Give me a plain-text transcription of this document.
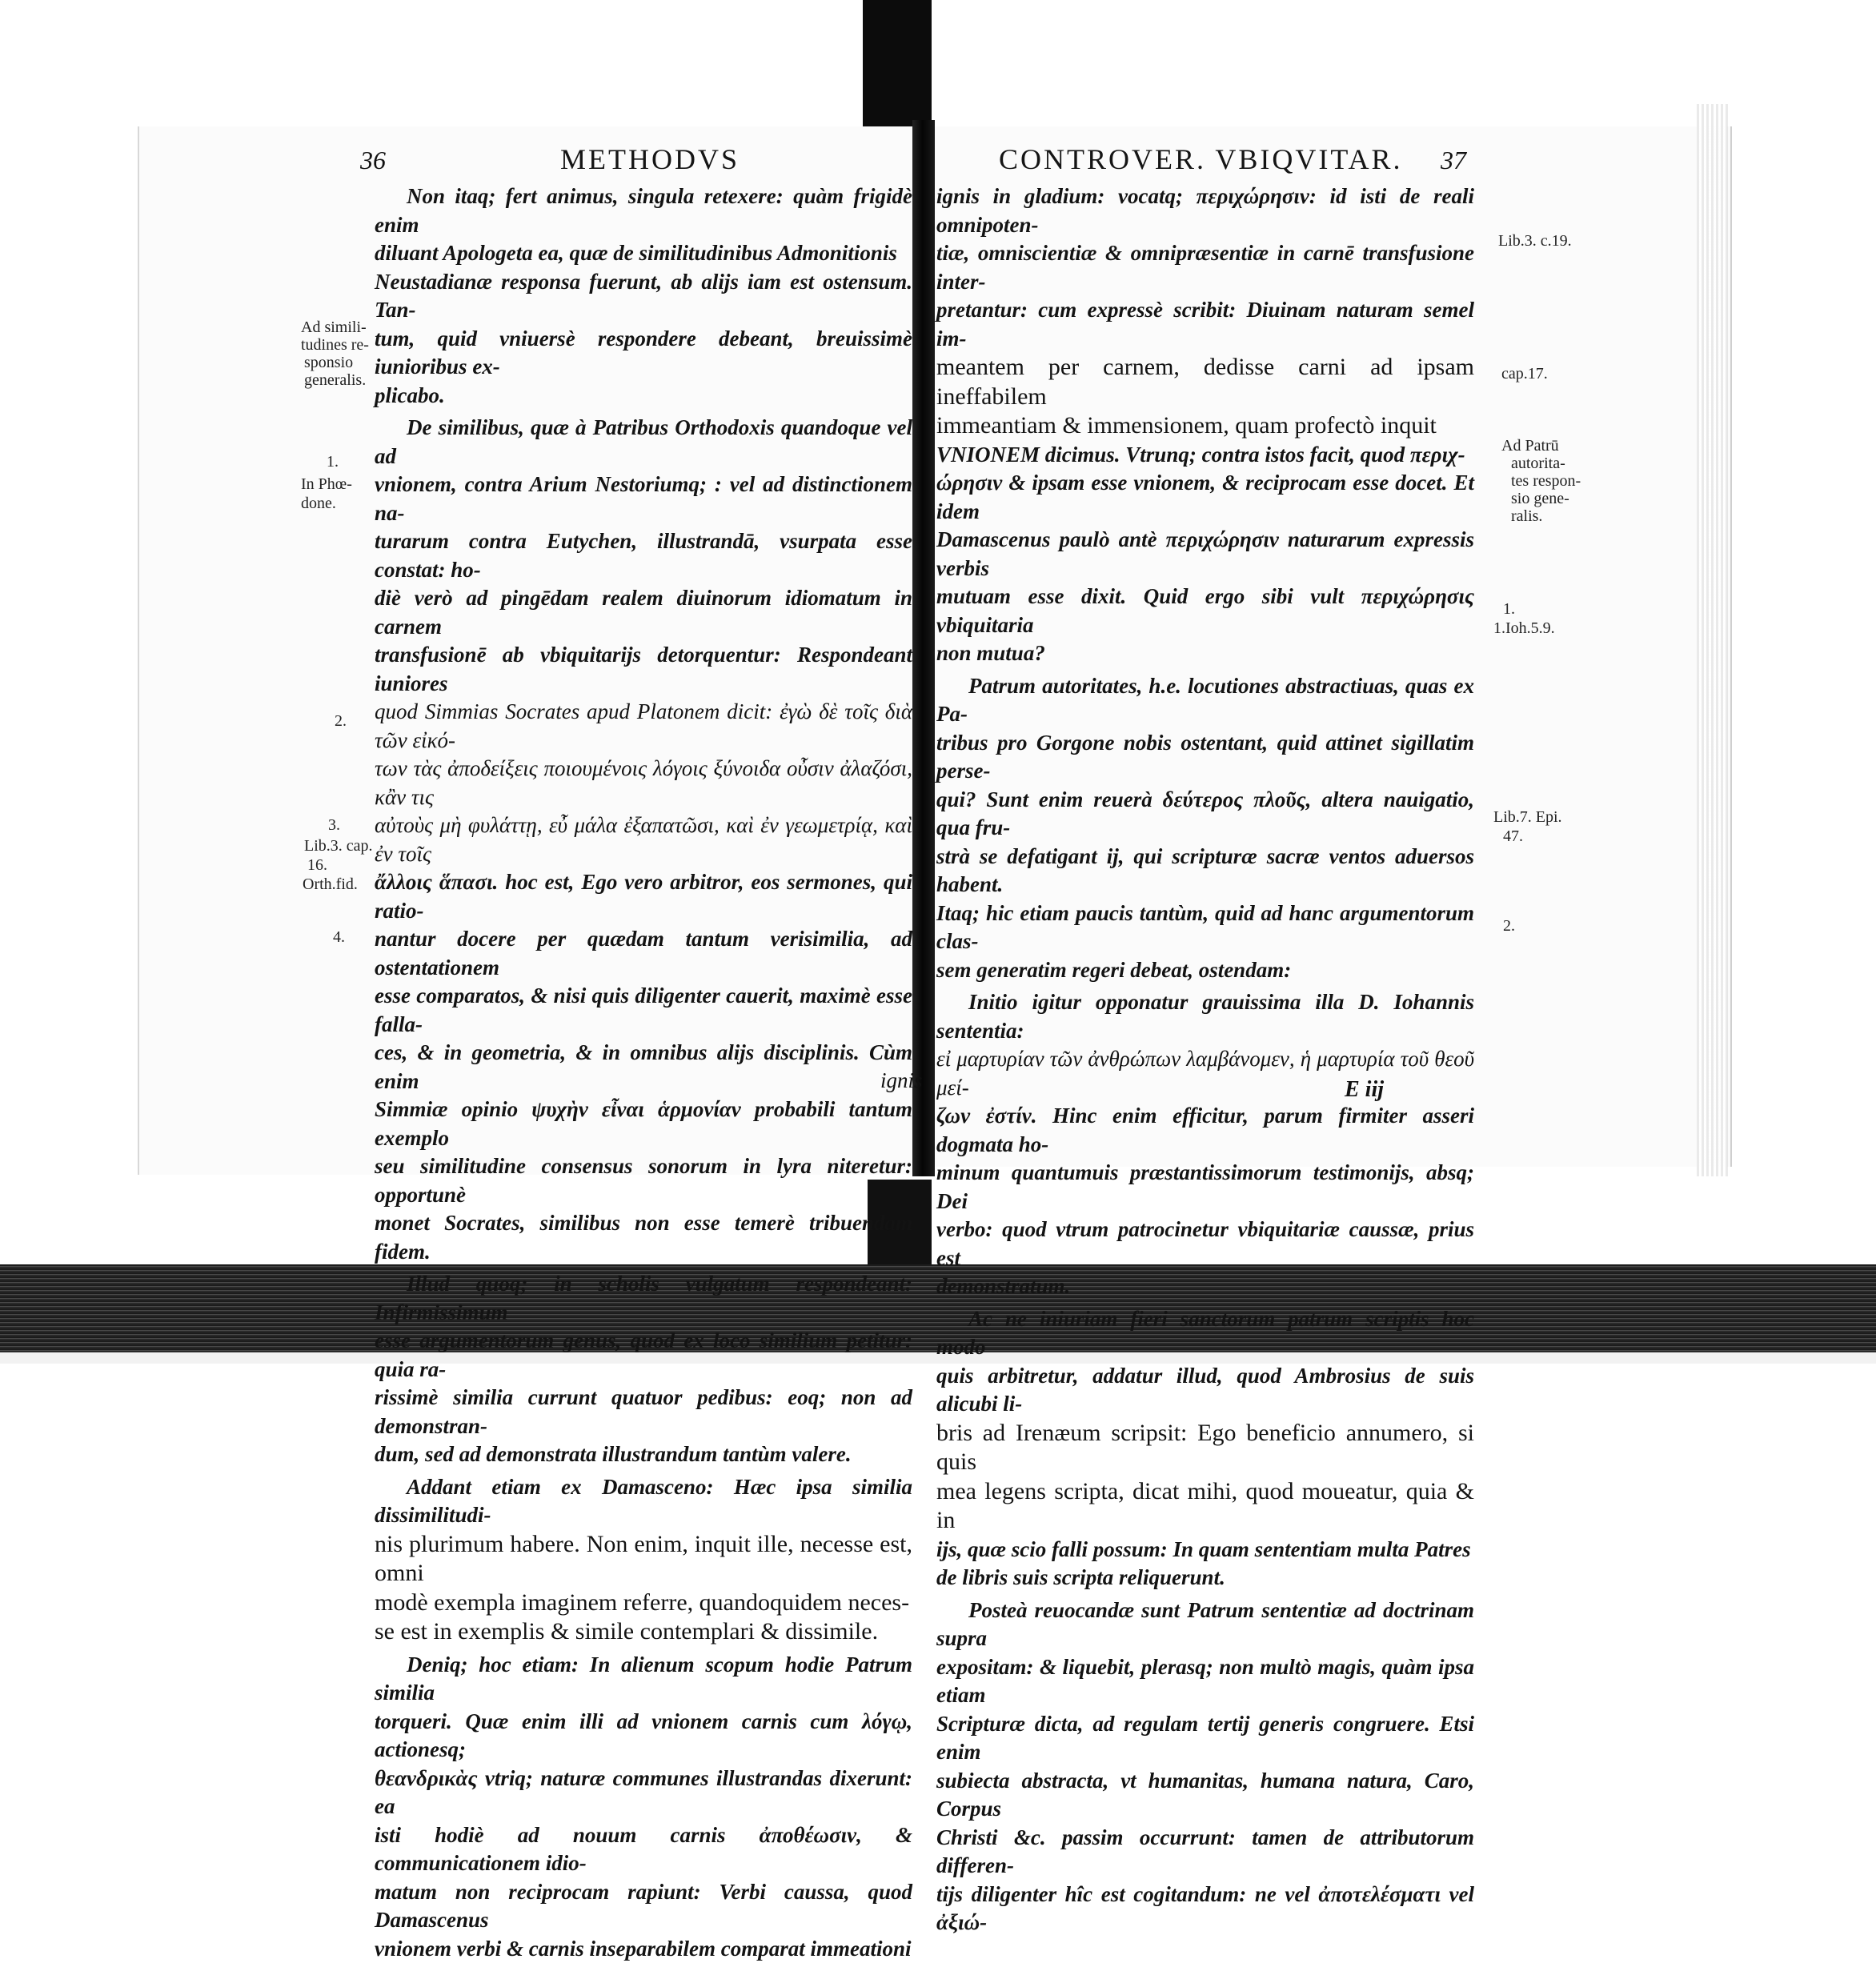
36	METHODVS

Non itaq; fert animus, singula retexere: quàm frigidè enim
diluant Apologeta ea, quæ de similitudinibus Admonitionis
Neustadianæ responsa fuerunt, ab alijs iam est ostensum. Tan-
tum, quid vniuersè respondere debeant, breuissimè iunioribus ex-
plicabo.

De similibus, quæ à Patribus Orthodoxis quandoque vel ad
vnionem, contra Arium Nestoriumq; : vel ad distinctionem na-
turarum contra Eutychen, illustrandā, vsurpata esse constat: ho-
diè verò ad pingēdam realem diuinorum idiomatum in carnem
transfusionē ab vbiquitarijs detorquentur: Respondeant iuniores
quod Simmias Socrates apud Platonem dicit: ἐγὼ δὲ τοῖς διὰ τῶν εἰκό-
των τὰς ἀποδείξεις ποιουμένοις λόγοις ξύνοιδα οὖσιν ἀλαζόσι, κἂν τις
αὐτοὺς μὴ φυλάττῃ, εὖ μάλα ἐξαπατῶσι, καὶ ἐν γεωμετρίᾳ, καὶ ἐν τοῖς
ἄλλοις ἅπασι. hoc est, Ego vero arbitror, eos sermones, qui ratio-
nantur docere per quædam tantum verisimilia, ad ostentationem
esse comparatos, & nisi quis diligenter cauerit, maximè esse falla-
ces, & in geometria, & in omnibus alijs disciplinis. Cùm enim
Simmiæ opinio ψυχὴν εἶναι ἁρμονίαν probabili tantum exemplo
seu similitudine consensus sonorum in lyra niteretur: opportunè
monet Socrates, similibus non esse temerè tribuendam fidem.

Illud quoq; in scholis vulgatum respondeant: Infirmissimum
esse argumentorum genus, quod ex loco similium petitur: quia ra-
rissimè similia currunt quatuor pedibus: eoq; non ad demonstran-
dum, sed ad demonstrata illustrandum tantùm valere.

Addant etiam ex Damasceno: Hæc ipsa similia dissimilitudi-
nis plurimum habere. Non enim, inquit ille, necesse est, omni
modè exempla imaginem referre, quandoquidem neces-
se est in exemplis & simile contemplari & dissimile.

Deniq; hoc etiam: In alienum scopum hodie Patrum similia
torqueri. Quæ enim illi ad vnionem carnis cum λόγῳ, actionesq;
θεανδρικὰς vtriq; naturæ communes illustrandas dixerunt: ea
isti hodiè ad nouum carnis ἀποθέωσιν, & communicationem idio-
matum non reciprocam rapiunt: Verbi caussa, quod Damascenus
vnionem verbi & carnis inseparabilem comparat immeationi

ignis
Ad simili-
tudines re-
sponsio
generalis.
1.
In Phœ-
done.
2.
3.
Lib.3. cap.
16.
Orth.fid.
4.
CONTROVER. VBIQVITAR. 37

ignis in gladium: vocatq; περιχώρησιν: id isti de reali omnipoten-
tiæ, omniscientiæ & omnipræsentiæ in carnē transfusione inter-
pretantur: cum expressè scribit: Diuinam naturam semel im-
meantem per carnem, dedisse carni ad ipsam ineffabilem
immeantiam & immensionem, quam profectò inquit
VNIONEM dicimus. Vtrunq; contra istos facit, quod περιχ-
ώρησιν & ipsam esse vnionem, & reciprocam esse docet. Et idem
Damascenus paulò antè περιχώρησιν naturarum expressis verbis
mutuam esse dixit. Quid ergo sibi vult περιχώρησις vbiquitaria
non mutua?

Patrum autoritates, h.e. locutiones abstractiuas, quas ex Pa-
tribus pro Gorgone nobis ostentant, quid attinet sigillatim perse-
qui? Sunt enim reuerà δεύτερος πλοῦς, altera nauigatio, qua fru-
strà se defatigant ij, qui scripturæ sacræ ventos aduersos habent.
Itaq; hic etiam paucis tantùm, quid ad hanc argumentorum clas-
sem generatim regeri debeat, ostendam:

Initio igitur opponatur grauissima illa D. Iohannis sententia:
εἰ μαρτυρίαν τῶν ἀνθρώπων λαμβάνομεν, ἡ μαρτυρία τοῦ θεοῦ μεί-
ζων ἐστίν. Hinc enim efficitur, parum firmiter asseri dogmata ho-
minum quantumuis præstantissimorum testimonijs, absq; Dei
verbo: quod vtrum patrocinetur vbiquitariæ caussæ, prius est
demonstratum.

Ac ne iniuriam fieri sanctorum patrum scriptis hoc modo
quis arbitretur, addatur illud, quod Ambrosius de suis alicubi li-
bris ad Irenæum scripsit: Ego beneficio annumero, si quis
mea legens scripta, dicat mihi, quod moueatur, quia & in
ijs, quæ scio falli possum: In quam sententiam multa Patres
de libris suis scripta reliquerunt.

Posteà reuocandæ sunt Patrum sententiæ ad doctrinam supra
expositam: & liquebit, plerasq; non multò magis, quàm ipsa etiam
Scripturæ dicta, ad regulam tertij generis congruere. Etsi enim
subiecta abstracta, vt humanitas, humana natura, Caro, Corpus
Christi &c. passim occurrunt: tamen de attributorum differen-
tijs diligenter hîc est cogitandum: ne vel ἀποτελέσματι vel ἀξιώ-

E iij
Lib.3. c.19.
cap.17.
Ad Patrū
autorita-
tes respon-
sio gene-
ralis.
1.
1.Ioh.5.9.
Lib.7. Epi.
47.
2.
